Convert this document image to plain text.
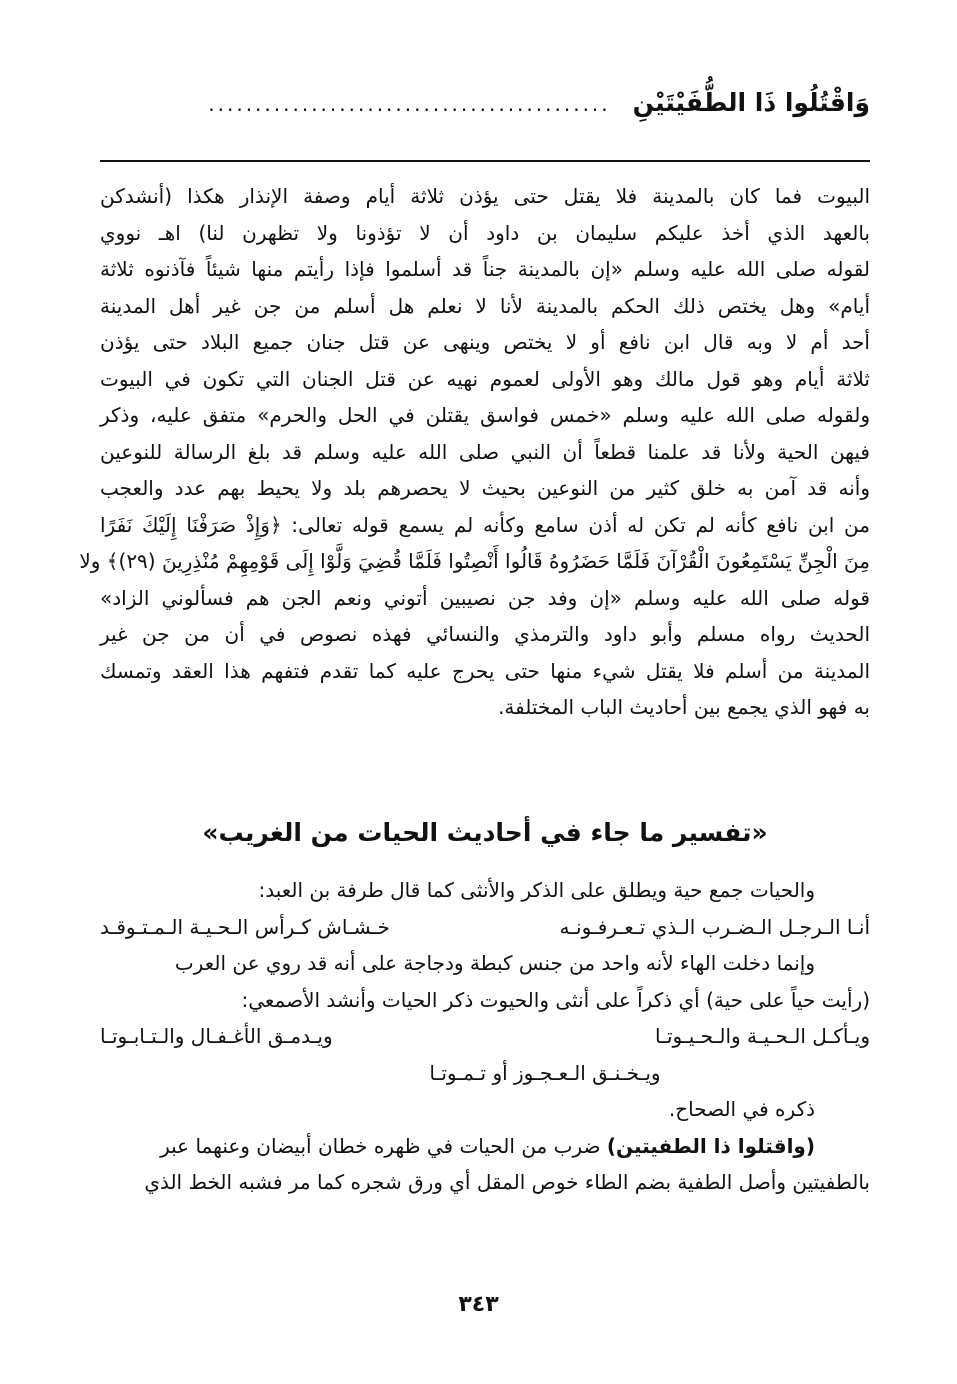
وَاقْتُلُوا ذَا الطُّفَيْتَيْنِ
...........................................
البيوت فما كان بالمدينة فلا يقتل حتى يؤذن ثلاثة أيام وصفة الإنذار هكذا (أنشدكن
بالعهد الذي أخذ عليكم سليمان بن داود أن لا تؤذونا ولا تظهرن لنا) اهـ نووي
لقوله صلى الله عليه وسلم «إن بالمدينة جناً قد أسلموا فإذا رأيتم منها شيئاً فآذنوه ثلاثة
أيام» وهل يختص ذلك الحكم بالمدينة لأنا لا نعلم هل أسلم من جن غير أهل المدينة
أحد أم لا وبه قال ابن نافع أو لا يختص وينهى عن قتل جنان جميع البلاد حتى يؤذن
ثلاثة أيام وهو قول مالك وهو الأولى لعموم نهيه عن قتل الجنان التي تكون في البيوت
ولقوله صلى الله عليه وسلم «خمس فواسق يقتلن في الحل والحرم» متفق عليه، وذكر
فيهن الحية ولأنا قد علمنا قطعاً أن النبي صلى الله عليه وسلم قد بلغ الرسالة للنوعين
وأنه قد آمن به خلق كثير من النوعين بحيث لا يحصرهم بلد ولا يحيط بهم عدد والعجب
من ابن نافع كأنه لم تكن له أذن سامع وكأنه لم يسمع قوله تعالى: ﴿وَإِذْ صَرَفْنَا إِلَيْكَ نَفَرًا
مِنَ الْجِنِّ يَسْتَمِعُونَ الْقُرْآنَ فَلَمَّا حَضَرُوهُ قَالُوا أَنْصِتُوا فَلَمَّا قُضِيَ وَلَّوْا إِلَى قَوْمِهِمْ مُنْذِرِينَ (٢٩)﴾ ولا
قوله صلى الله عليه وسلم «إن وفد جن نصيبين أتوني ونعم الجن هم فسألوني الزاد»
الحديث رواه مسلم وأبو داود والترمذي والنسائي فهذه نصوص في أن من جن غير
المدينة من أسلم فلا يقتل شيء منها حتى يحرج عليه كما تقدم فتفهم هذا العقد وتمسك
به فهو الذي يجمع بين أحاديث الباب المختلفة.
«تفسير ما جاء في أحاديث الحيات من الغريب»
والحيات جمع حية ويطلق على الذكر والأنثى كما قال طرفة بن العبد:
أنـا الـرجـل الـضـرب الـذي تـعـرفـونـه
خـشـاش كـرأس الـحـيـة الـمـتـوقـد
وإنما دخلت الهاء لأنه واحد من جنس كبطة ودجاجة على أنه قد روي عن العرب
(رأيت حياً على حية) أي ذكراً على أنثى والحيوت ذكر الحيات وأنشد الأصمعي:
ويـأكـل الـحـيـة والـحـيـوتـا
ويـدمـق الأغـفـال والـتـابـوتـا
ويـخـنـق الـعـجـوز أو تـمـوتـا
ذكره في الصحاح.
(واقتلوا ذا الطفيتين) ضرب من الحيات في ظهره خطان أبيضان وعنهما عبر
بالطفيتين وأصل الطفية بضم الطاء خوص المقل أي ورق شجره كما مر فشبه الخط الذي
٣٤٣
